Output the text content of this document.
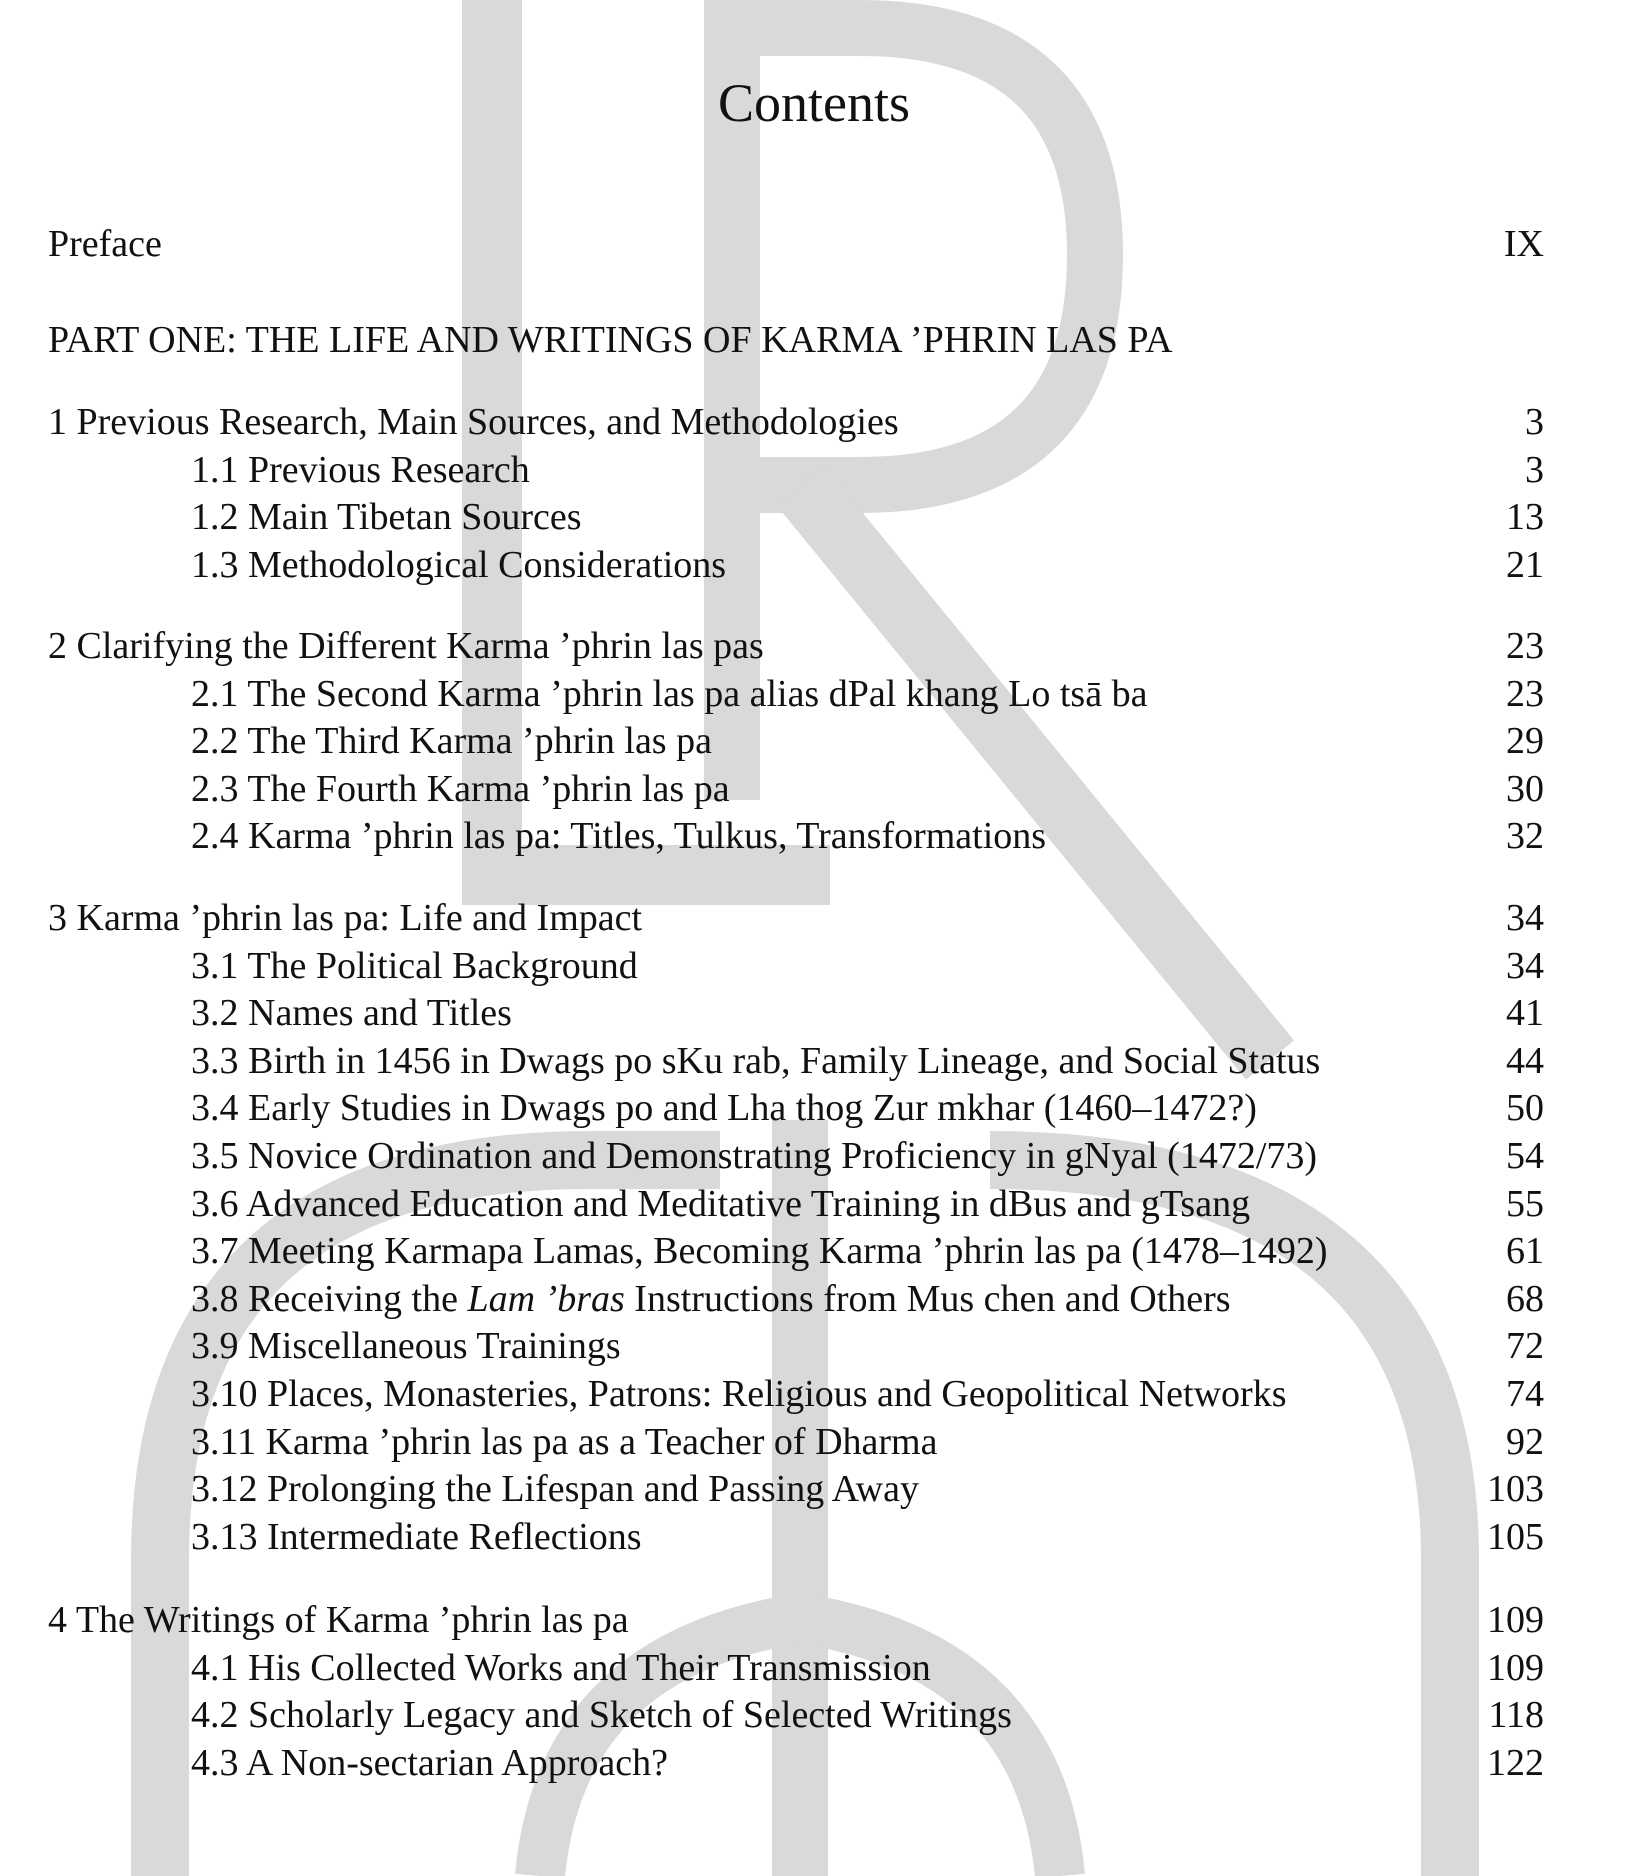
Contents
Preface	IX
PART ONE: THE LIFE AND WRITINGS OF KARMA ’PHRIN LAS PA
1 Previous Research, Main Sources, and Methodologies	3
1.1 Previous Research	3
1.2 Main Tibetan Sources	13
1.3 Methodological Considerations	21
2 Clarifying the Different Karma ’phrin las pas	23
2.1 The Second Karma ’phrin las pa alias dPal khang Lo tsā ba	23
2.2 The Third Karma ’phrin las pa	29
2.3 The Fourth Karma ’phrin las pa	30
2.4 Karma ’phrin las pa: Titles, Tulkus, Transformations	32
3 Karma ’phrin las pa: Life and Impact	34
3.1 The Political Background	34
3.2 Names and Titles	41
3.3 Birth in 1456 in Dwags po sKu rab, Family Lineage, and Social Status	44
3.4 Early Studies in Dwags po and Lha thog Zur mkhar (1460–1472?)	50
3.5 Novice Ordination and Demonstrating Proficiency in gNyal (1472/73)	54
3.6 Advanced Education and Meditative Training in dBus and gTsang	55
3.7 Meeting Karmapa Lamas, Becoming Karma ’phrin las pa (1478–1492)	61
3.8 Receiving the Lam ’bras Instructions from Mus chen and Others	68
3.9 Miscellaneous Trainings	72
3.10 Places, Monasteries, Patrons: Religious and Geopolitical Networks	74
3.11 Karma ’phrin las pa as a Teacher of Dharma	92
3.12 Prolonging the Lifespan and Passing Away	103
3.13 Intermediate Reflections	105
4 The Writings of Karma ’phrin las pa	109
4.1 His Collected Works and Their Transmission	109
4.2 Scholarly Legacy and Sketch of Selected Writings	118
4.3 A Non-sectarian Approach?	122
